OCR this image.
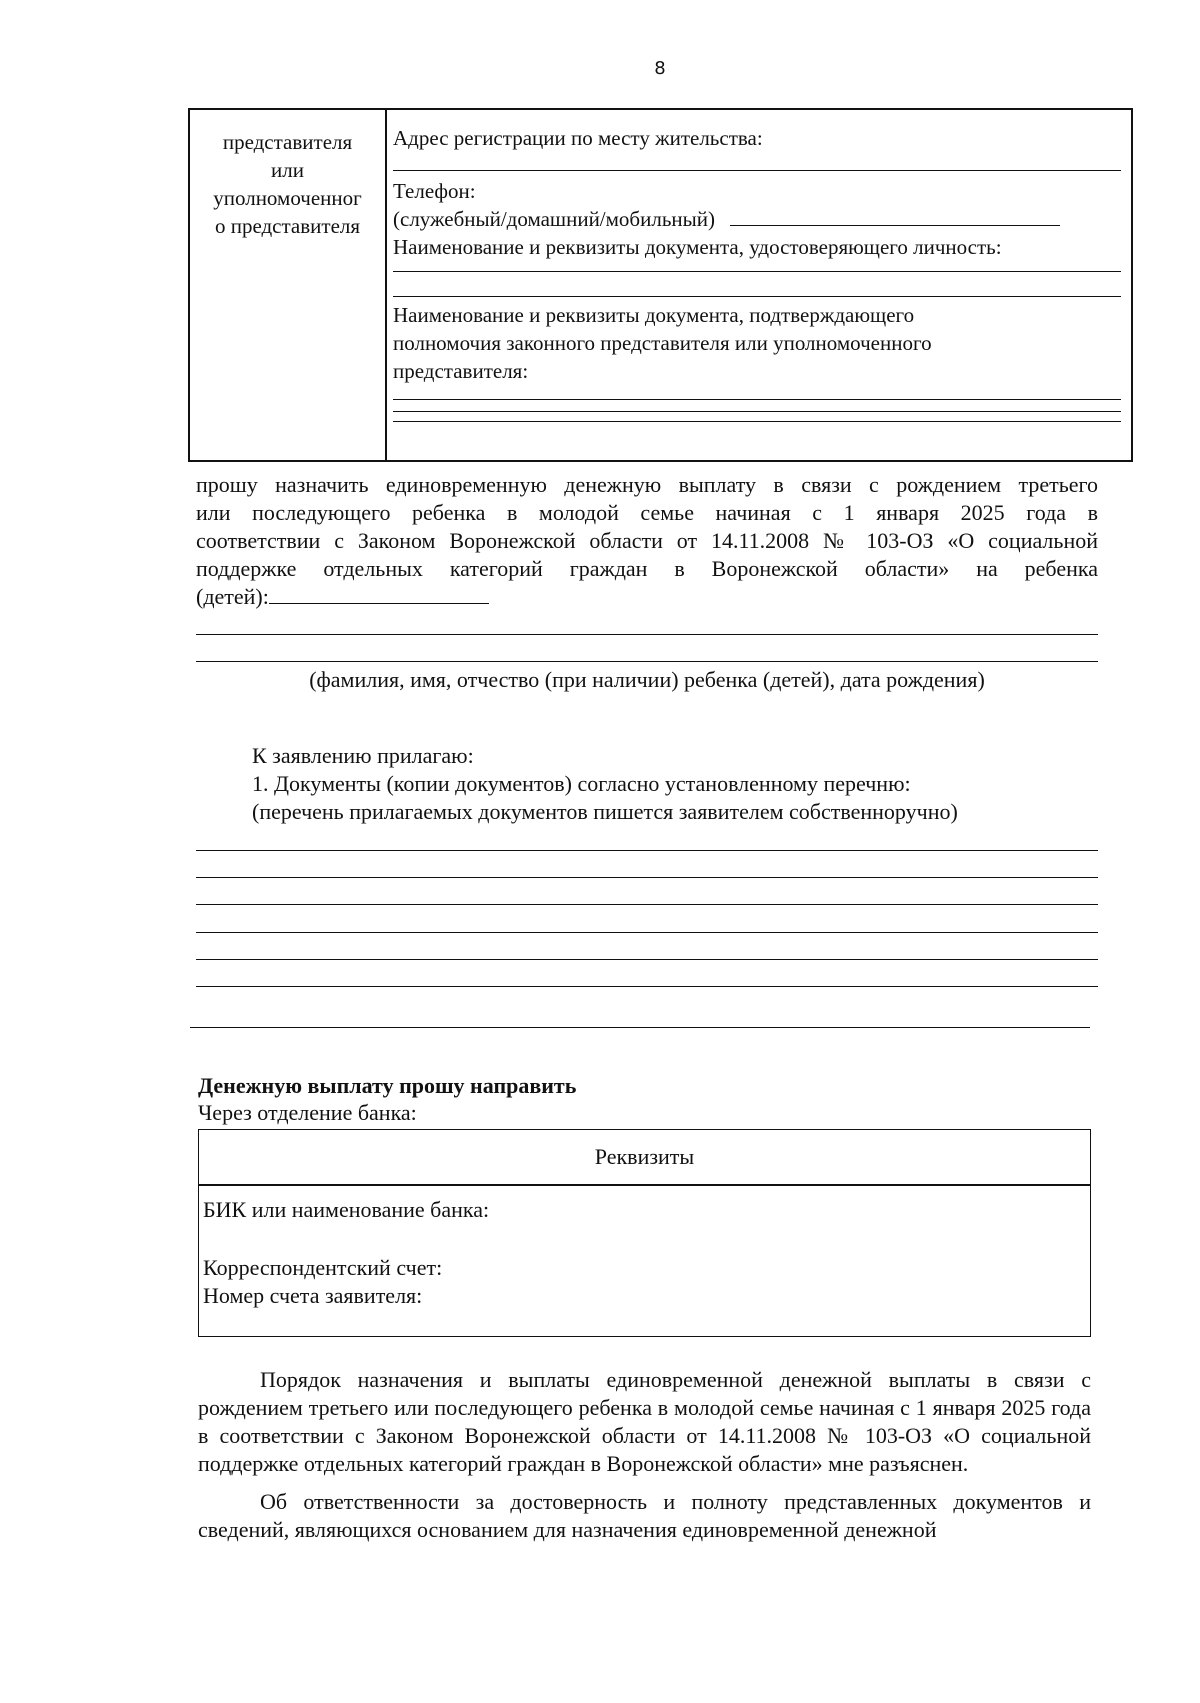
8
представителя
или
уполномоченног
о представителя

Адрес регистрации по месту жительства:

Телефон:

(служебный/домашний/мобильный)

Наименование и реквизиты документа, удостоверяющего личность:

Наименование и реквизиты документа, подтверждающего

полномочия законного представителя или уполномоченного

представителя:

прошу назначить единовременную денежную выплату в связи с рождением третьего

или последующего ребенка в молодой семье начиная с 1 января 2025 года в

соответствии с Законом Воронежской области от 14.11.2008 № 103-ОЗ «О социальной

поддержке отдельных категорий граждан в Воронежской области» на ребенка

(детей):

(фамилия, имя, отчество (при наличии) ребенка (детей), дата рождения)

К заявлению прилагаю:

1. Документы (копии документов) согласно установленному перечню:

(перечень прилагаемых документов пишется заявителем собственноручно)

Денежную выплату прошу направить
Через отделение банка:
Реквизиты

БИК или наименование банка:

Корреспондентский счет:

Номер счета заявителя:

Порядок назначения и выплаты единовременной денежной выплаты в связи с рождением третьего или последующего ребенка в молодой семье начиная с 1 января 2025 года в соответствии с Законом Воронежской области от 14.11.2008 № 103-ОЗ «О социальной поддержке отдельных категорий граждан в Воронежской области» мне разъяснен.

Об ответственности за достоверность и полноту представленных документов и сведений, являющихся основанием для назначения единовременной денежной
